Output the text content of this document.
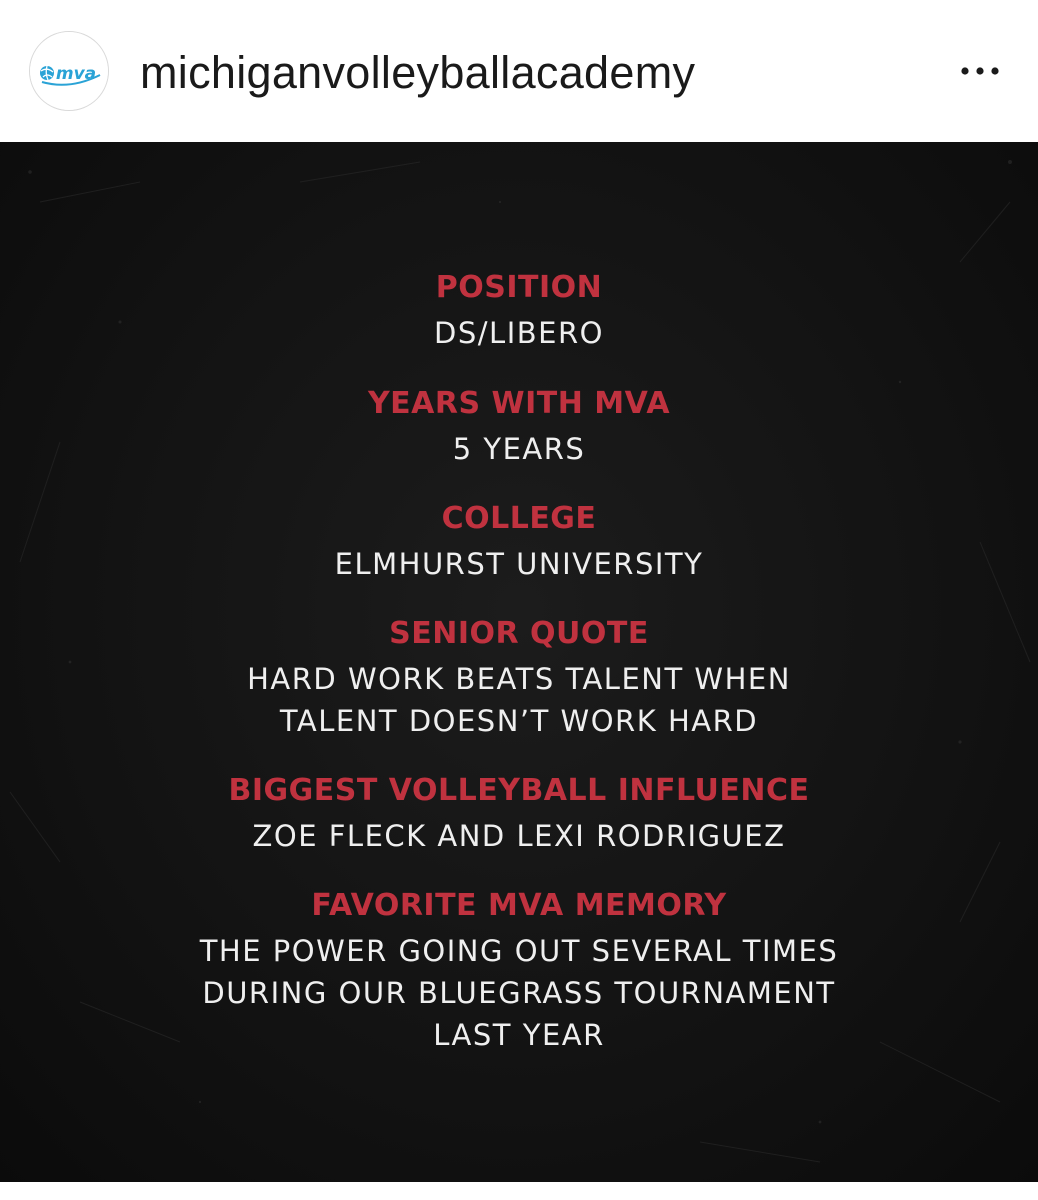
mva michiganvolleyballacademy
POSITION
DS/LIBERO
YEARS WITH MVA
5 YEARS
COLLEGE
ELMHURST UNIVERSITY
SENIOR QUOTE
HARD WORK BEATS TALENT WHEN
TALENT DOESN’T WORK HARD
BIGGEST VOLLEYBALL INFLUENCE
ZOE FLECK AND LEXI RODRIGUEZ
FAVORITE MVA MEMORY
THE POWER GOING OUT SEVERAL TIMES
DURING OUR BLUEGRASS TOURNAMENT
LAST YEAR
